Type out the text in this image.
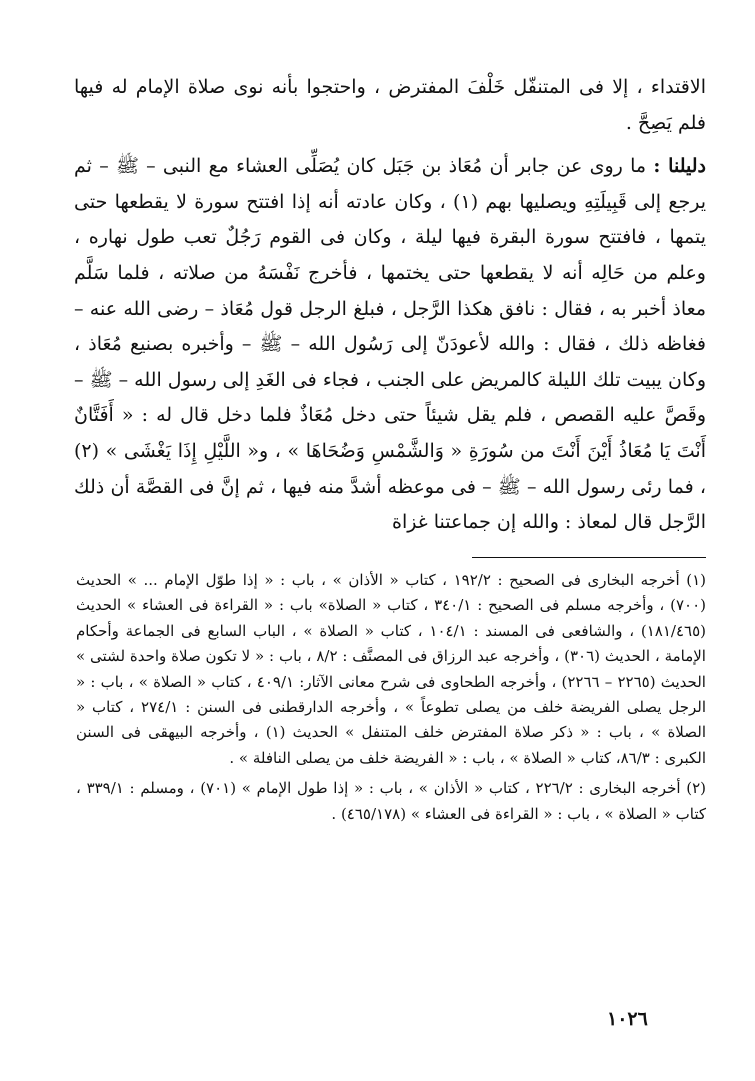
الاقتداء ، إلا فى المتنفّل خَلْفَ المفترض ، واحتجوا بأنه نوى صلاة الإمام له فيها فلم يَصِحَّ .

دليلنا : ما روى عن جابر أن مُعَاذ بن جَبَل كان يُصَلِّى العشاء مع النبى – ﷺ – ثم يرجع إلى قَبِيلَتِهِ ويصليها بهم (١) ، وكان عادته أنه إذا افتتح سورة لا يقطعها حتى يتمها ، فافتتح سورة البقرة فيها ليلة ، وكان فى القوم رَجُلٌ تعب طول نهاره ، وعلم من حَالِه أنه لا يقطعها حتى يختمها ، فأخرج نَفْسَهُ من صلاته ، فلما سَلَّم معاذ أخبر به ، فقال : نافق هكذا الرَّجل ، فبلغ الرجل قول مُعَاذ – رضى الله عنه – فغاظه ذلك ، فقال : والله لأعودَنّ إلى رَسُول الله – ﷺ – وأخبره بصنيع مُعَاذ ، وكان يبيت تلك الليلة كالمريض على الجنب ، فجاء فى الغَدِ إلى رسول الله – ﷺ – وقَصَّ عليه القصص ، فلم يقل شيئاً حتى دخل مُعَاذٌ فلما دخل قال له : « أَفَتَّانٌ أَنْتَ يَا مُعَاذُ أَيْنَ أَنْتَ من سُورَةِ « وَالشَّمْسِ وَضُحَاهَا » ، و« اللَّيْلِ إِذَا يَغْشَى » (٢) ، فما رئى رسول الله – ﷺ – فى موعظه أشدَّ منه فيها ، ثم إنَّ فى القصَّة أن ذلك الرَّجل قال لمعاذ : والله إن جماعتنا غزاة

(١) أخرجه البخارى فى الصحيح : ١٩٢/٢ ، كتاب « الأذان » ، باب : « إذا طوّل الإمام ... » الحديث (٧٠٠) ، وأخرجه مسلم فى الصحيح : ٣٤٠/١ ، كتاب « الصلاة» باب : « القراءة فى العشاء » الحديث (١٨١/٤٦٥) ، والشافعى فى المسند : ١٠٤/١ ، كتاب « الصلاة » ، الباب السابع فى الجماعة وأحكام الإمامة ، الحديث (٣٠٦) ، وأخرجه عبد الرزاق فى المصنَّف : ٨/٢ ، باب : « لا تكون صلاة واحدة لشتى » الحديث (٢٢٦٥ – ٢٢٦٦) ، وأخرجه الطحاوى فى شرح معانى الآثار: ٤٠٩/١ ، كتاب « الصلاة » ، باب : « الرجل يصلى الفريضة خلف من يصلى تطوعاً » ، وأخرجه الدارقطنى فى السنن : ٢٧٤/١ ، كتاب « الصلاة » ، باب : « ذكر صلاة المفترض خلف المتنفل » الحديث (١) ، وأخرجه البيهقى فى السنن الكبرى : ٨٦/٣، كتاب « الصلاة » ، باب : « الفريضة خلف من يصلى النافلة » .

(٢) أخرجه البخارى : ٢٢٦/٢ ، كتاب « الأذان » ، باب : « إذا طول الإمام » (٧٠١) ، ومسلم : ٣٣٩/١ ، كتاب « الصلاة » ، باب : « القراءة فى العشاء » (٤٦٥/١٧٨) .

١٠٢٦
